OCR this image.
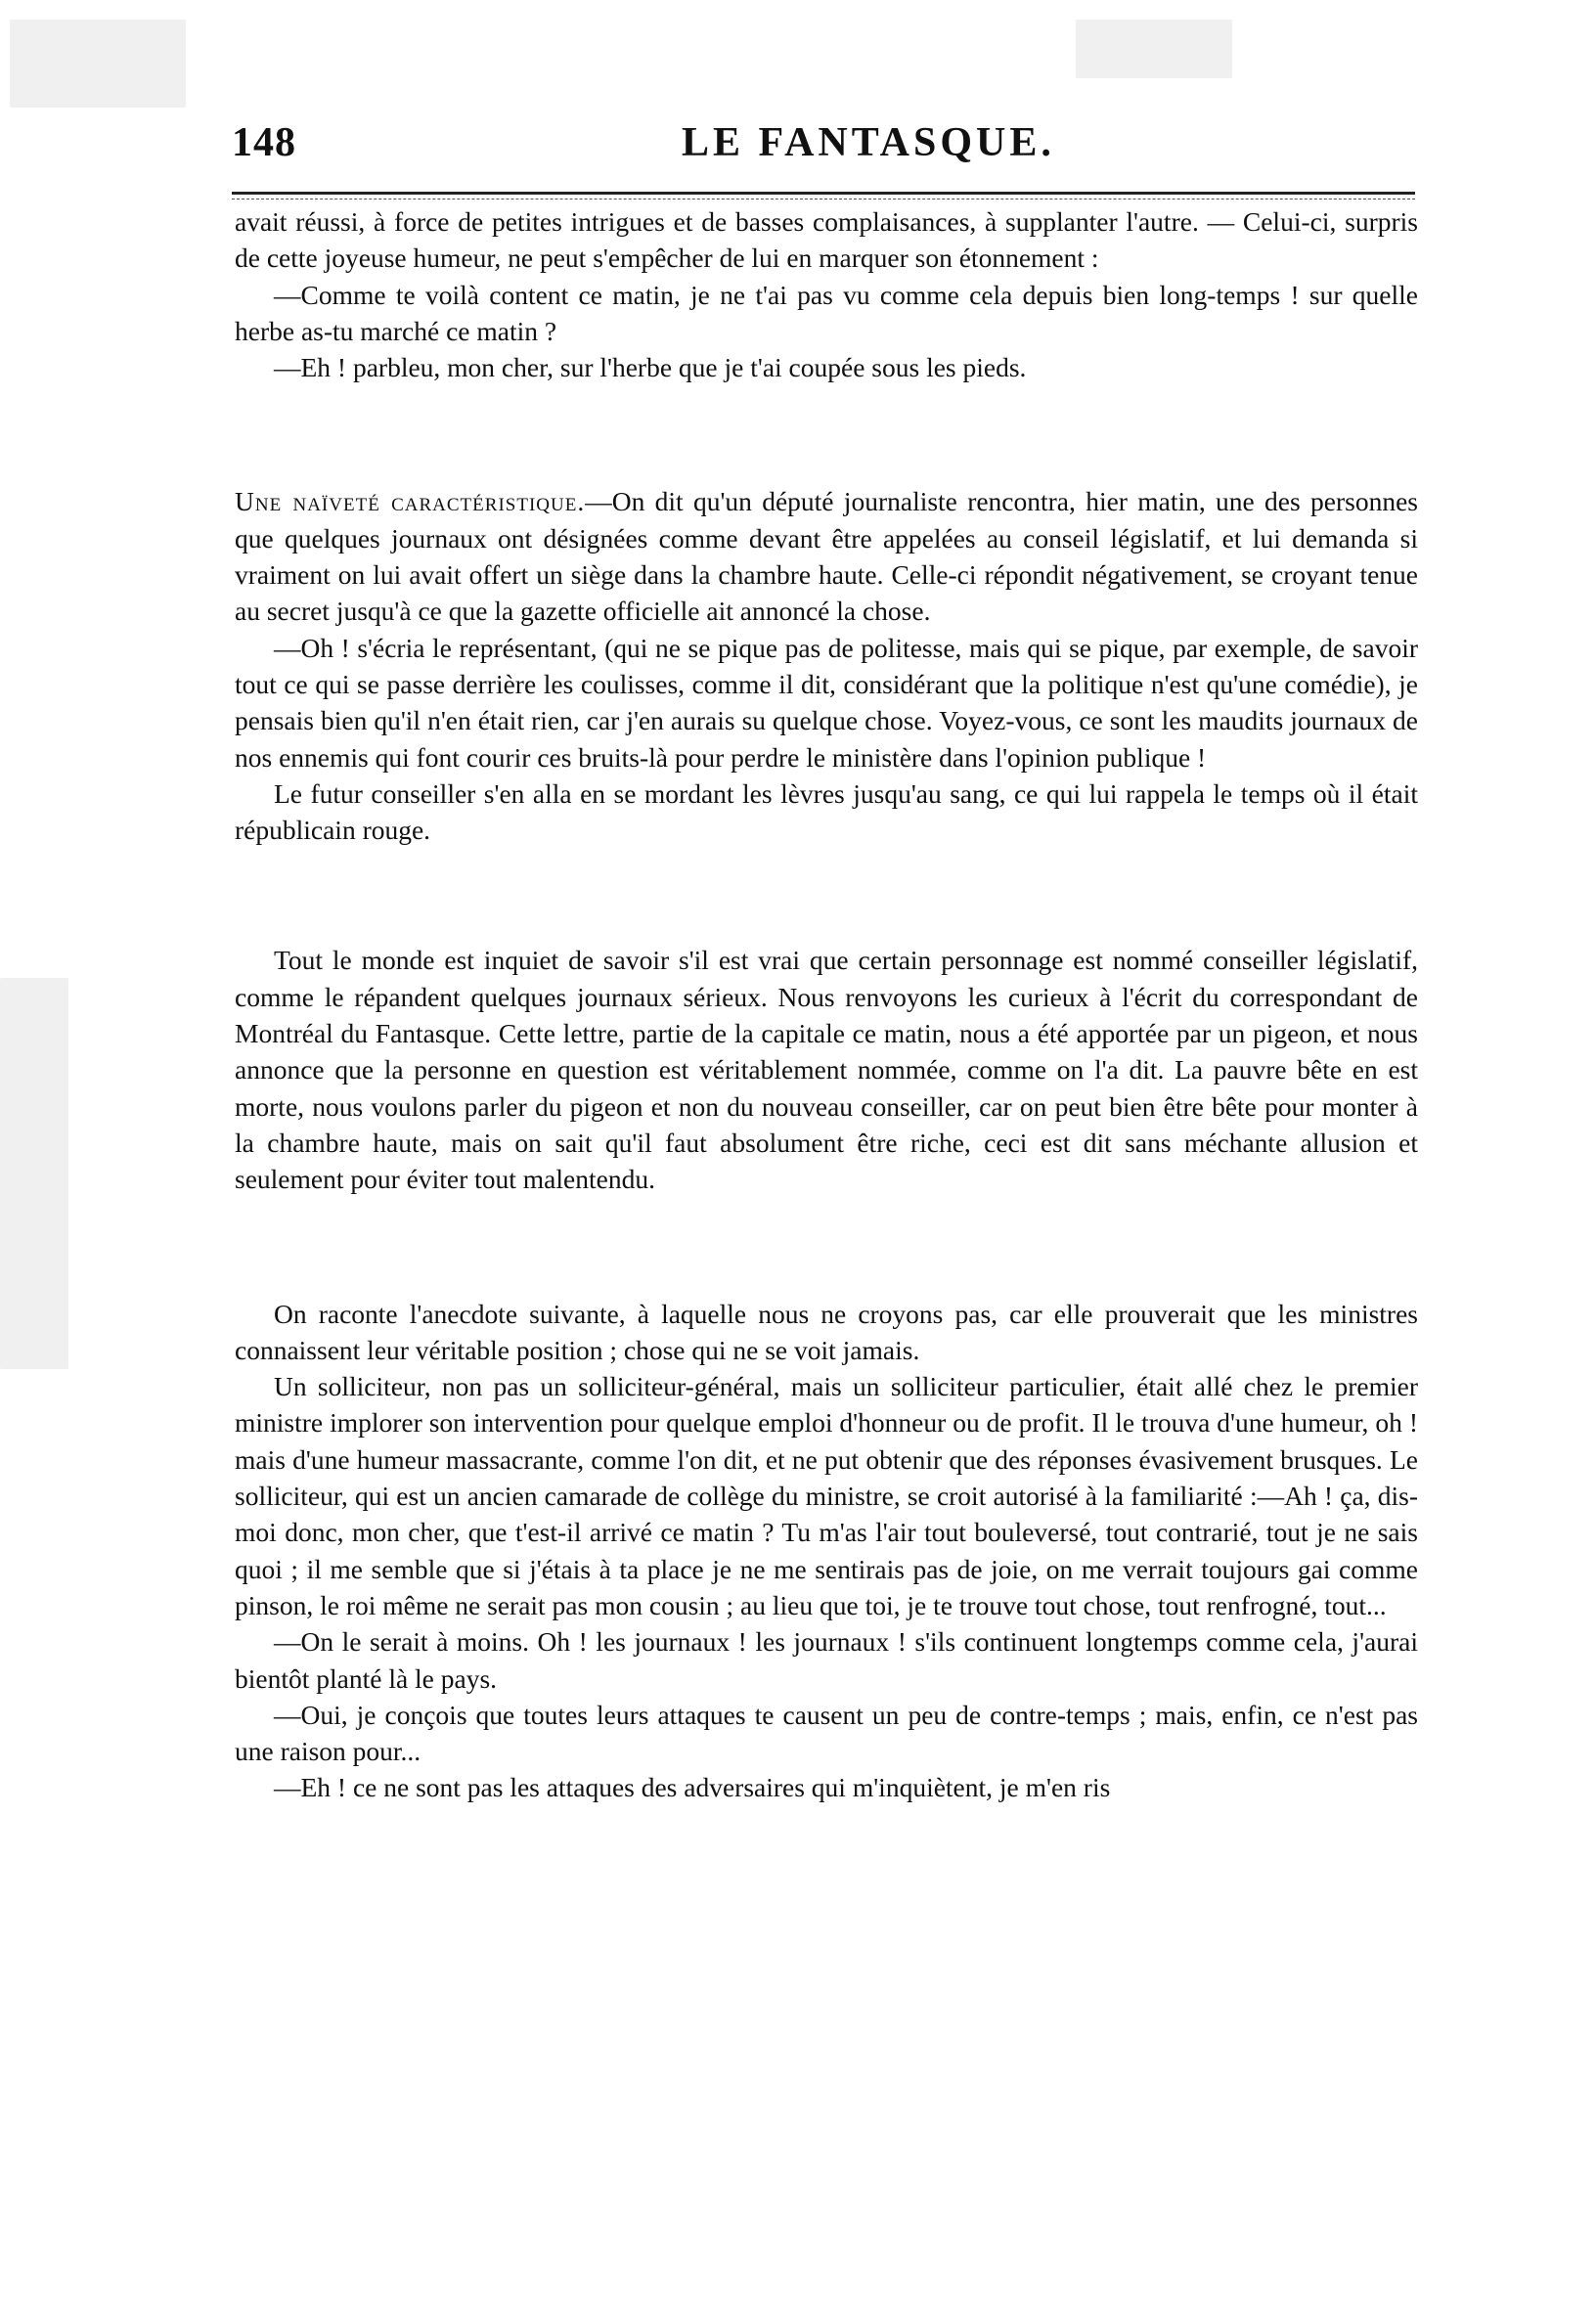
148	LE FANTASQUE.

avait réussi, à force de petites intrigues et de basses complaisances, à supplanter l'autre. — Celui-ci, surpris de cette joyeuse humeur, ne peut s'empêcher de lui en marquer son étonnement :

—Comme te voilà content ce matin, je ne t'ai pas vu comme cela depuis bien long-temps ! sur quelle herbe as-tu marché ce matin ?

—Eh ! parbleu, mon cher, sur l'herbe que je t'ai coupée sous les pieds.

Une naïveté caractéristique.—On dit qu'un député journaliste rencontra, hier matin, une des personnes que quelques journaux ont désignées comme devant être appelées au conseil législatif, et lui demanda si vraiment on lui avait offert un siège dans la chambre haute. Celle-ci répondit négativement, se croyant tenue au secret jusqu'à ce que la gazette officielle ait annoncé la chose.

—Oh ! s'écria le représentant, (qui ne se pique pas de politesse, mais qui se pique, par exemple, de savoir tout ce qui se passe derrière les coulisses, comme il dit, considérant que la politique n'est qu'une comédie), je pensais bien qu'il n'en était rien, car j'en aurais su quelque chose. Voyez-vous, ce sont les maudits journaux de nos ennemis qui font courir ces bruits-là pour perdre le ministère dans l'opinion publique !

Le futur conseiller s'en alla en se mordant les lèvres jusqu'au sang, ce qui lui rappela le temps où il était républicain rouge.

Tout le monde est inquiet de savoir s'il est vrai que certain personnage est nommé conseiller législatif, comme le répandent quelques journaux sérieux. Nous renvoyons les curieux à l'écrit du correspondant de Montréal du Fantasque. Cette lettre, partie de la capitale ce matin, nous a été apportée par un pigeon, et nous annonce que la personne en question est véritablement nommée, comme on l'a dit. La pauvre bête en est morte, nous voulons parler du pigeon et non du nouveau conseiller, car on peut bien être bête pour monter à la chambre haute, mais on sait qu'il faut absolument être riche, ceci est dit sans méchante allusion et seulement pour éviter tout malentendu.

On raconte l'anecdote suivante, à laquelle nous ne croyons pas, car elle prouverait que les ministres connaissent leur véritable position ; chose qui ne se voit jamais.

Un solliciteur, non pas un solliciteur-général, mais un solliciteur particulier, était allé chez le premier ministre implorer son intervention pour quelque emploi d'honneur ou de profit. Il le trouva d'une humeur, oh ! mais d'une humeur massacrante, comme l'on dit, et ne put obtenir que des réponses évasivement brusques. Le solliciteur, qui est un ancien camarade de collège du ministre, se croit autorisé à la familiarité :—Ah ! ça, dis-moi donc, mon cher, que t'est-il arrivé ce matin ? Tu m'as l'air tout bouleversé, tout contrarié, tout je ne sais quoi ; il me semble que si j'étais à ta place je ne me sentirais pas de joie, on me verrait toujours gai comme pinson, le roi même ne serait pas mon cousin ; au lieu que toi, je te trouve tout chose, tout renfrogné, tout...

—On le serait à moins. Oh ! les journaux ! les journaux ! s'ils continuent longtemps comme cela, j'aurai bientôt planté là le pays.

—Oui, je conçois que toutes leurs attaques te causent un peu de contre-temps ; mais, enfin, ce n'est pas une raison pour...

—Eh ! ce ne sont pas les attaques des adversaires qui m'inquiètent, je m'en ris
